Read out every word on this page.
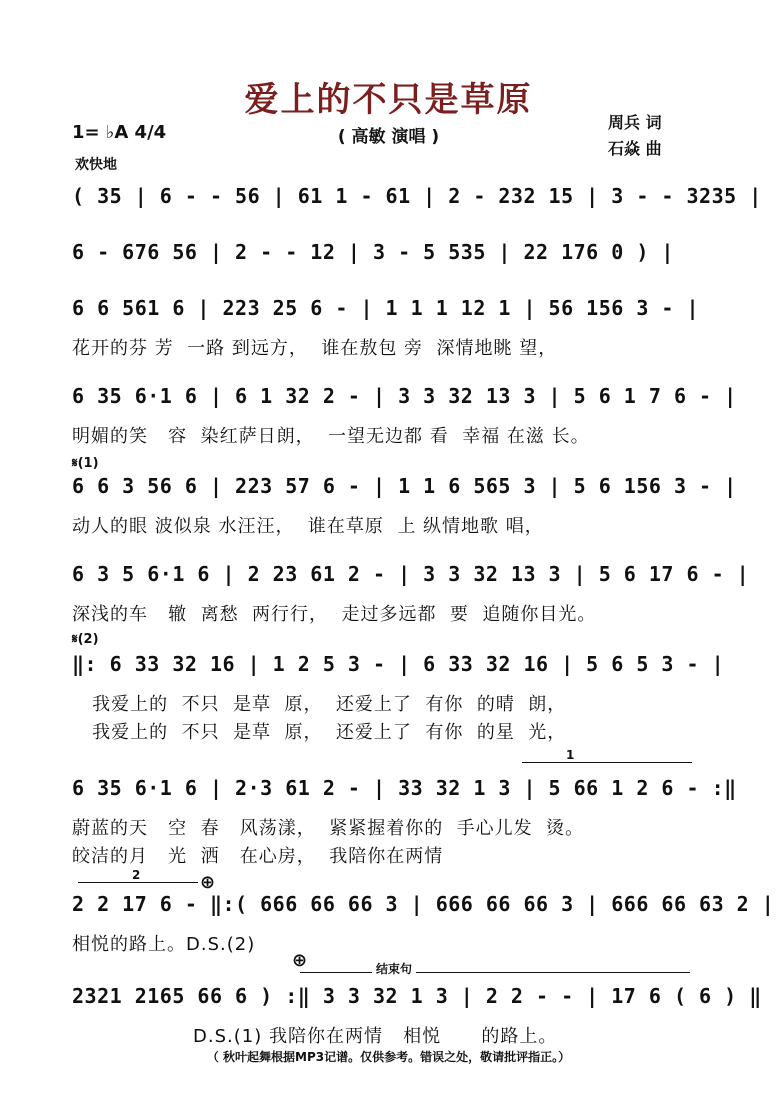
爱上的不只是草原
( 高敏 演唱 )
1= ♭A 4/4
欢快地
周兵 词
石焱 曲
( 35 | 6 - - 56 | 61 1 - 61 | 2 - 232 15 | 3 - - 3235 |
6 - 676 56 | 2 - - 12 | 3 - 5 535 | 22 176 0 ) |
6 6 561 6 | 223 25 6 - | 1 1 1 12 1 | 56 156 3 - |
花开的芬 芳  一路 到远方，  谁在敖包 旁  深情地眺 望，
6 35 6·1 6 | 6 1 32 2 - | 3 3 32 13 3 | 5 6 1 7 6 - |
明媚的笑   容  染红萨日朗，  一望无边都 看  幸福 在滋 长。
𝄋(1)
6 6 3 56 6 | 223 57 6 - | 1 1 6 565 3 | 5 6 156 3 - |
动人的眼 波似泉 水汪汪，  谁在草原  上 纵情地歌 唱，
6 3 5 6·1 6 | 2 23 61 2 - | 3 3 32 13 3 | 5 6 17 6 - |
深浅的车   辙  离愁  两行行，  走过多远都  要  追随你目光。
𝄋(2)
‖: 6 33 32 16 | 1 2 5 3 - | 6 33 32 16 | 5 6 5 3 - |
我爱上的  不只  是草  原，  还爱上了  有你  的晴  朗，
我爱上的  不只  是草  原，  还爱上了  有你  的星  光，
1
6 35 6·1 6 | 2·3 61 2 - | 33 32 1 3 | 5 66 1 2 6 - :‖
蔚蓝的天   空  春   风荡漾，  紧紧握着你的  手心儿发  烫。
皎洁的月   光  洒   在心房，  我陪你在两情
2	⊕
2 2 17 6 - ‖:( 666 66 66 3 | 666 66 66 3 | 666 66 63 2 |
相悦的路上。D.S.(2)
⊕	结束句
2321 2165 66 6 ) :‖ 3 3 32 1 3 | 2 2 - - | 17 6 ( 6 ) ‖
D.S.(1) 我陪你在两情   相悦      的路上。
（ 秋叶起舞根据MP3记谱。仅供参考。错误之处，敬请批评指正。）
